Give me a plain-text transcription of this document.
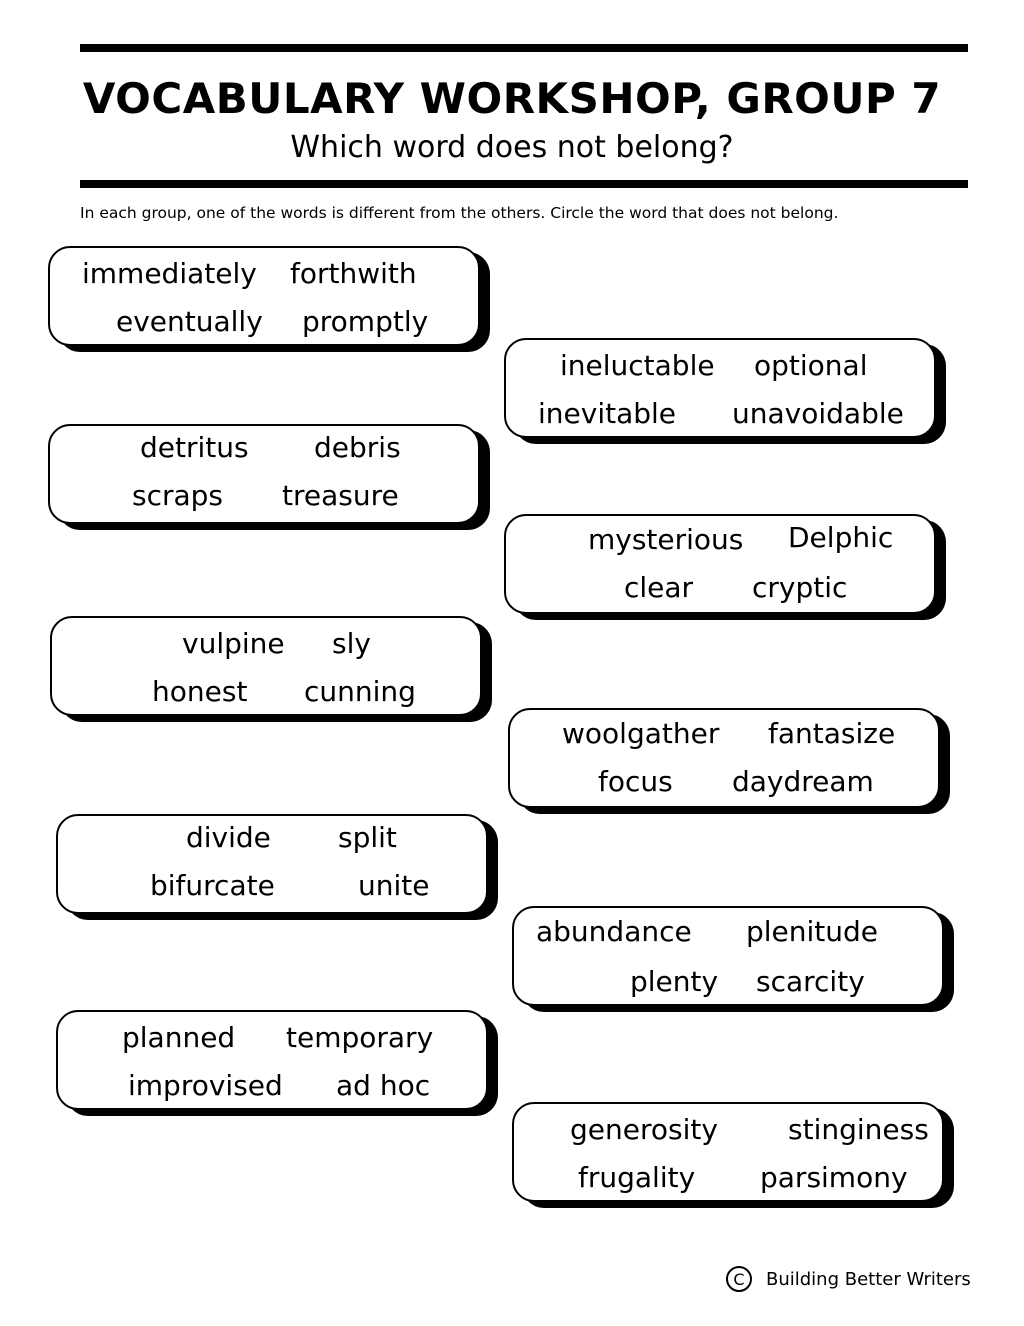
VOCABULARY WORKSHOP, GROUP 7
Which word does not belong?
In each group, one of the words is different from the others. Circle the word that does not belong.
immediately forthwith
eventually promptly
ineluctable optional
inevitable unavoidable
detritus debris
scraps treasure
mysterious Delphic
clear cryptic
vulpine sly
honest cunning
woolgather fantasize
focus daydream
divide split
bifurcate	unite
abundance plenitude
plenty scarcity
planned temporary
improvised ad hoc
generosity	stinginess
frugality parsimony
C	Building Better Writers
